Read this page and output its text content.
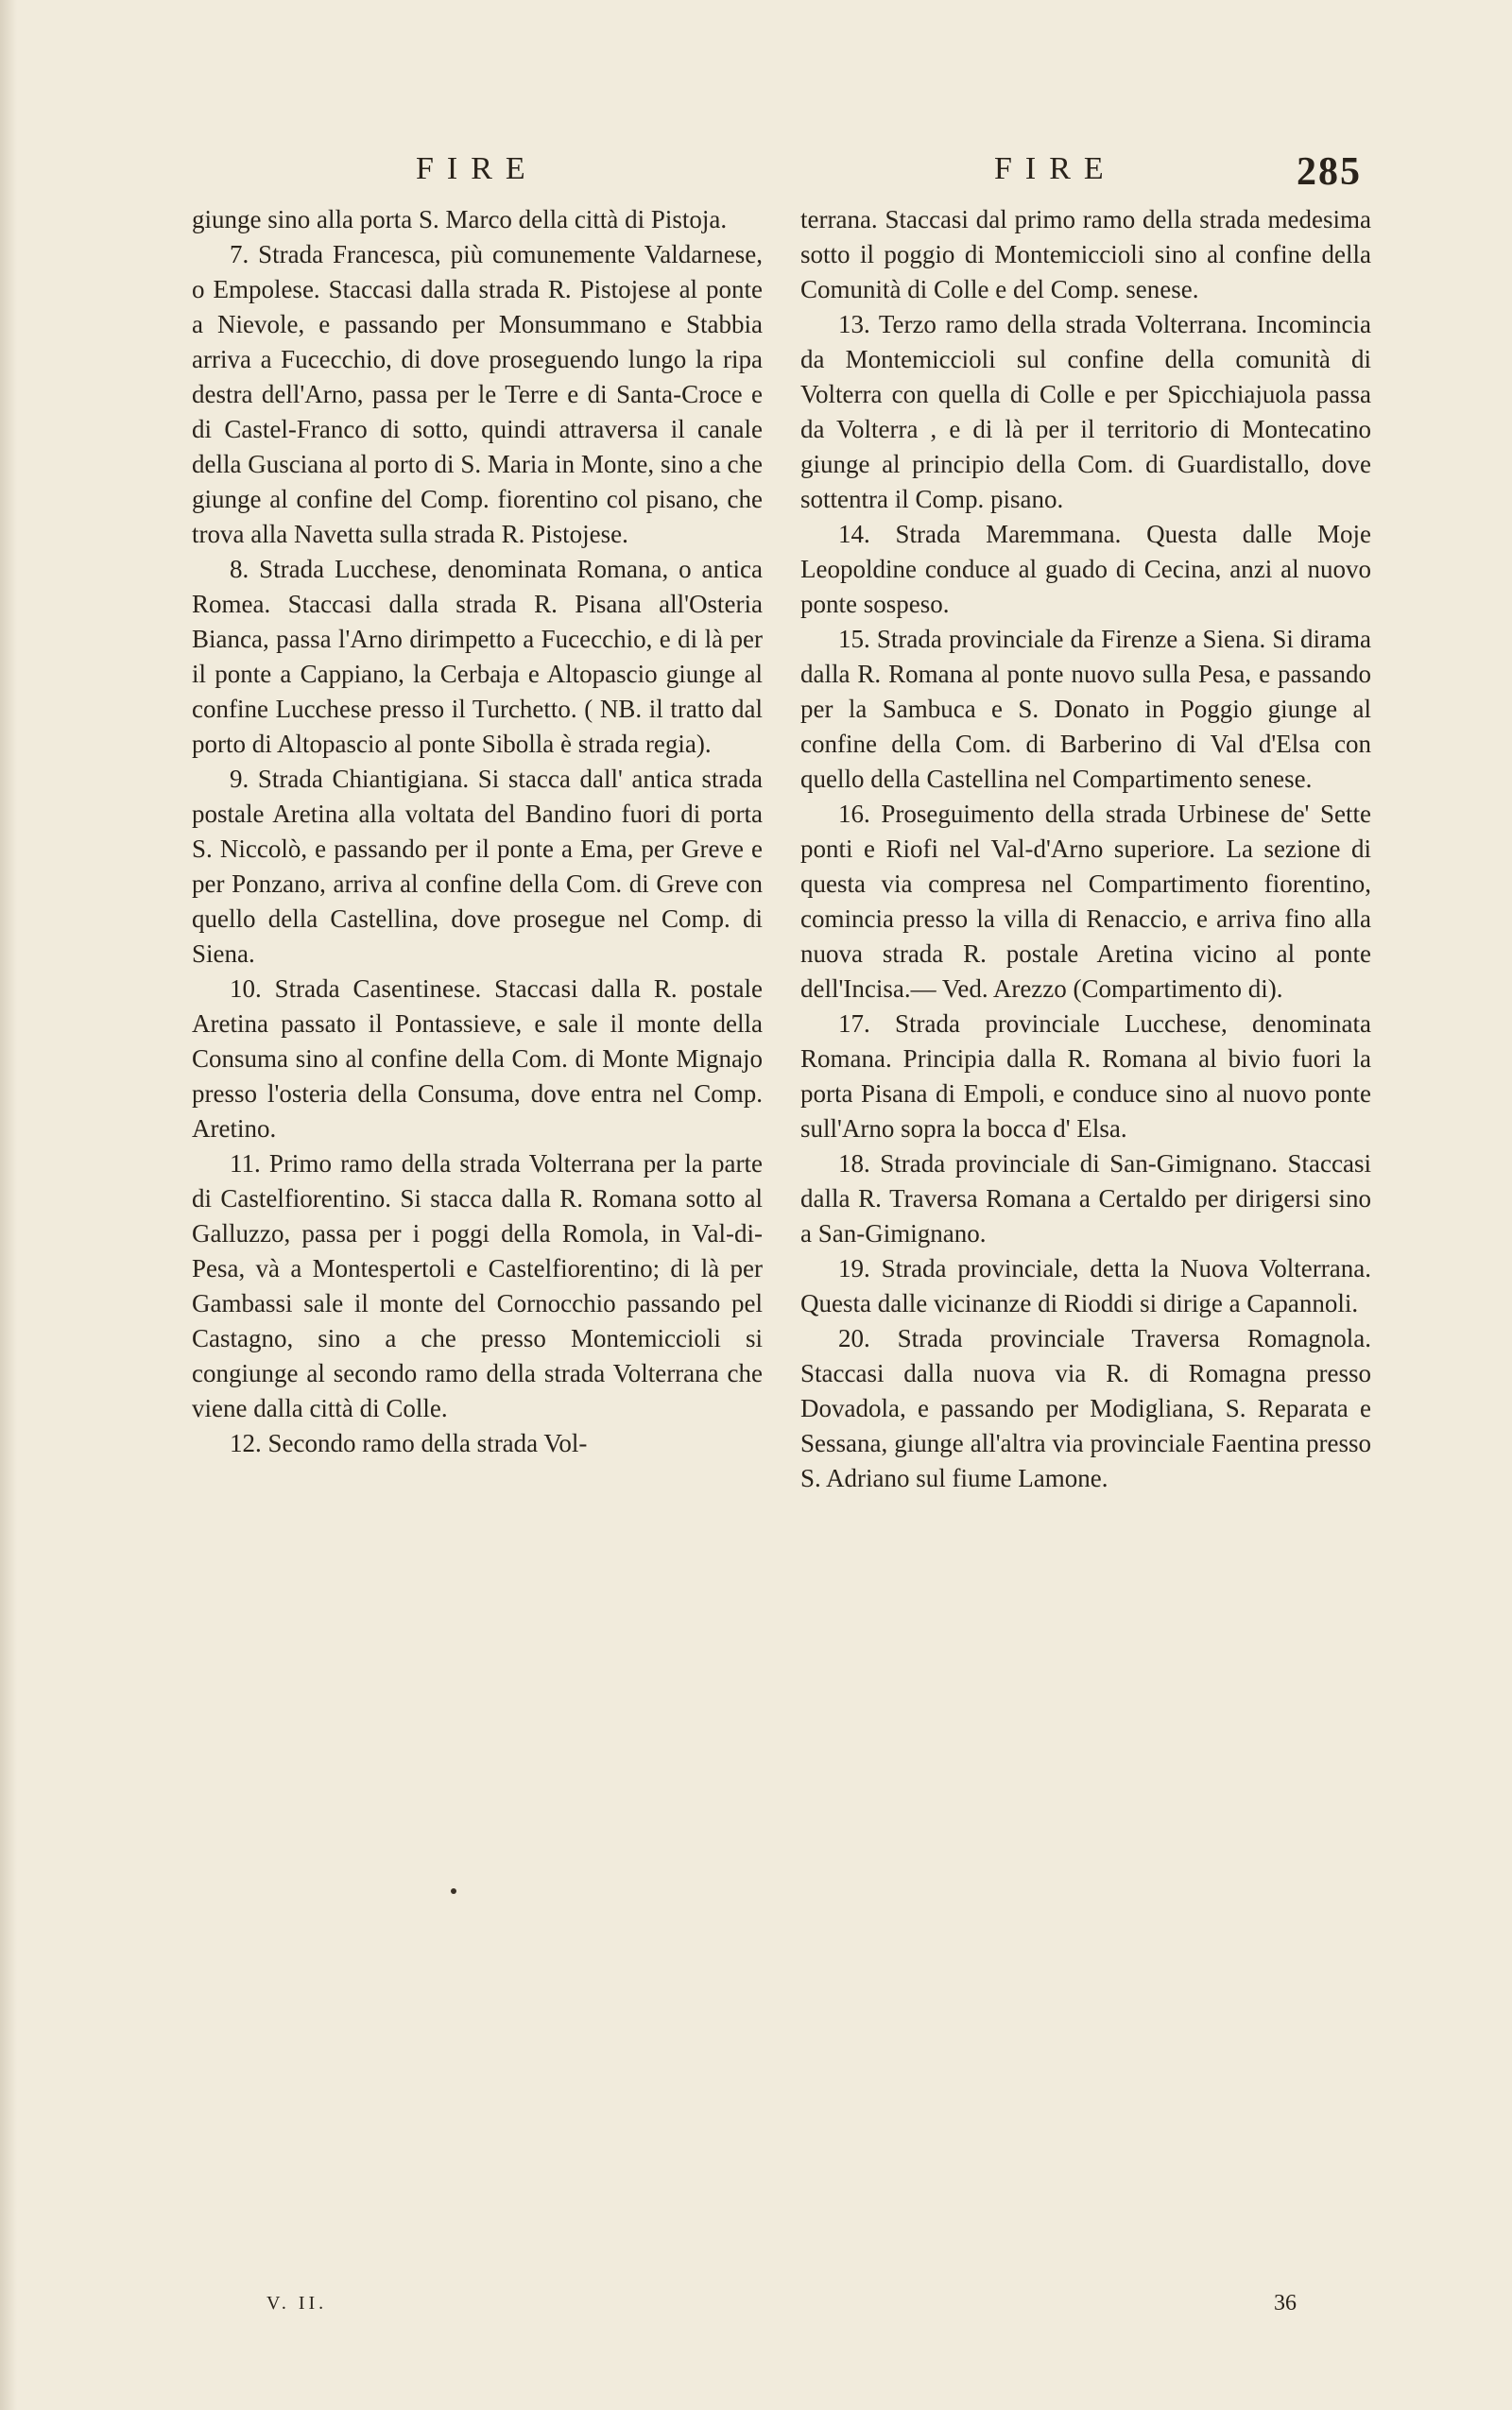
FIRE	FIRE	285

giunge sino alla porta S. Marco della città di Pistoja.

7. Strada Francesca, più comunemente Valdarnese, o Empolese. Staccasi dalla strada R. Pistojese al ponte a Nievole, e passando per Monsummano e Stabbia arriva a Fucecchio, di dove proseguendo lungo la ripa destra dell'Arno, passa per le Terre e di Santa-Croce e di Castel-Franco di sotto, quindi attraversa il canale della Gusciana al porto di S. Maria in Monte, sino a che giunge al confine del Comp. fiorentino col pisano, che trova alla Navetta sulla strada R. Pistojese.

8. Strada Lucchese, denominata Romana, o antica Romea. Staccasi dalla strada R. Pisana all'Osteria Bianca, passa l'Arno dirimpetto a Fucecchio, e di là per il ponte a Cappiano, la Cerbaja e Altopascio giunge al confine Lucchese presso il Turchetto. ( NB. il tratto dal porto di Altopascio al ponte Sibolla è strada regia).

9. Strada Chiantigiana. Si stacca dall' antica strada postale Aretina alla voltata del Bandino fuori di porta S. Niccolò, e passando per il ponte a Ema, per Greve e per Ponzano, arriva al confine della Com. di Greve con quello della Castellina, dove prosegue nel Comp. di Siena.

10. Strada Casentinese. Staccasi dalla R. postale Aretina passato il Pontassieve, e sale il monte della Consuma sino al confine della Com. di Monte Mignajo presso l'osteria della Consuma, dove entra nel Comp. Aretino.

11. Primo ramo della strada Volterrana per la parte di Castelfiorentino. Si stacca dalla R. Romana sotto al Galluzzo, passa per i poggi della Romola, in Val-di-Pesa, và a Montespertoli e Castelfiorentino; di là per Gambassi sale il monte del Cornocchio passando pel Castagno, sino a che presso Montemiccioli si congiunge al secondo ramo della strada Volterrana che viene dalla città di Colle.

12. Secondo ramo della strada Vol-

terrana. Staccasi dal primo ramo della strada medesima sotto il poggio di Montemiccioli sino al confine della Comunità di Colle e del Comp. senese.

13. Terzo ramo della strada Volterrana. Incomincia da Montemiccioli sul confine della comunità di Volterra con quella di Colle e per Spicchiajuola passa da Volterra , e di là per il territorio di Montecatino giunge al principio della Com. di Guardistallo, dove sottentra il Comp. pisano.

14. Strada Maremmana. Questa dalle Moje Leopoldine conduce al guado di Cecina, anzi al nuovo ponte sospeso.

15. Strada provinciale da Firenze a Siena. Si dirama dalla R. Romana al ponte nuovo sulla Pesa, e passando per la Sambuca e S. Donato in Poggio giunge al confine della Com. di Barberino di Val d'Elsa con quello della Castellina nel Compartimento senese.

16. Proseguimento della strada Urbinese de' Sette ponti e Riofi nel Val-d'Arno superiore. La sezione di questa via compresa nel Compartimento fiorentino, comincia presso la villa di Renaccio, e arriva fino alla nuova strada R. postale Aretina vicino al ponte dell'Incisa.— Ved. Arezzo (Compartimento di).

17. Strada provinciale Lucchese, denominata Romana. Principia dalla R. Romana al bivio fuori la porta Pisana di Empoli, e conduce sino al nuovo ponte sull'Arno sopra la bocca d' Elsa.

18. Strada provinciale di San-Gimignano. Staccasi dalla R. Traversa Romana a Certaldo per dirigersi sino a San-Gimignano.

19. Strada provinciale, detta la Nuova Volterrana. Questa dalle vicinanze di Rioddi si dirige a Capannoli.

20. Strada provinciale Traversa Romagnola. Staccasi dalla nuova via R. di Romagna presso Dovadola, e passando per Modigliana, S. Reparata e Sessana, giunge all'altra via provinciale Faentina presso S. Adriano sul fiume Lamone.

V. II.	36
